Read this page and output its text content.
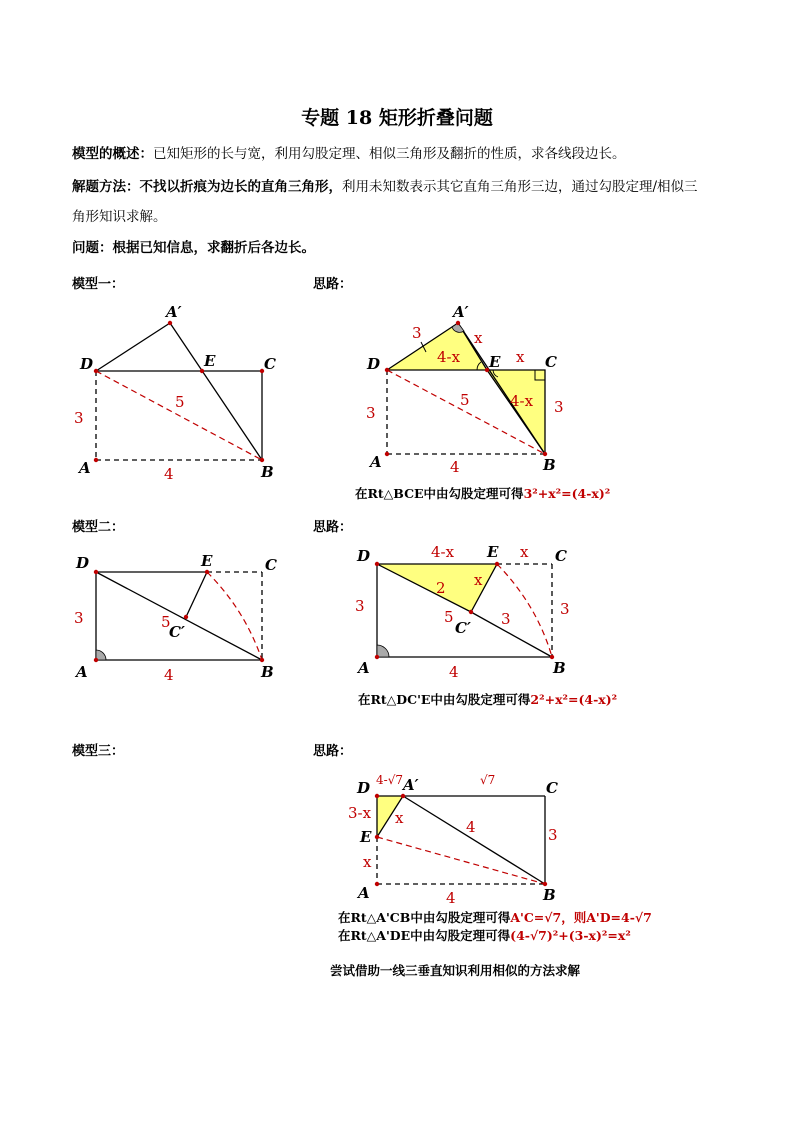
专题 18 矩形折叠问题
模型的概述：已知矩形的长与宽，利用勾股定理、相似三角形及翻折的性质，求各线段边长。
解题方法：不找以折痕为边长的直角三角形，利用未知数表示其它直角三角形三边，通过勾股定理/相似三
角形知识求解。
问题：根据已知信息，求翻折后各边长。
模型一：	思路：
模型二：	思路：
模型三：	思路：
在Rt△BCE中由勾股定理可得3²+x²=(4-x)²
在Rt△DC'E中由勾股定理可得2²+x²=(4-x)²
在Rt△A'CB中由勾股定理可得A'C=√7，则A'D=4-√7
在Rt△A'DE中由勾股定理可得(4-√7)²+(3-x)²=x²
尝试借助一线三垂直知识利用相似的方法求解
D
A	B
C
E
A′
3
4
5
D
A	B
C
E
A′
3	x
4-x	x
4-x 3
3
5
4
D
A	B
C
E
C′
3
4
5
D
A	B
C
E
C′
4-x	x
x
2
5	3
3
3
4
D A′	C
E
A	B
4-√7	√7
3-x x	4	3
x
4
